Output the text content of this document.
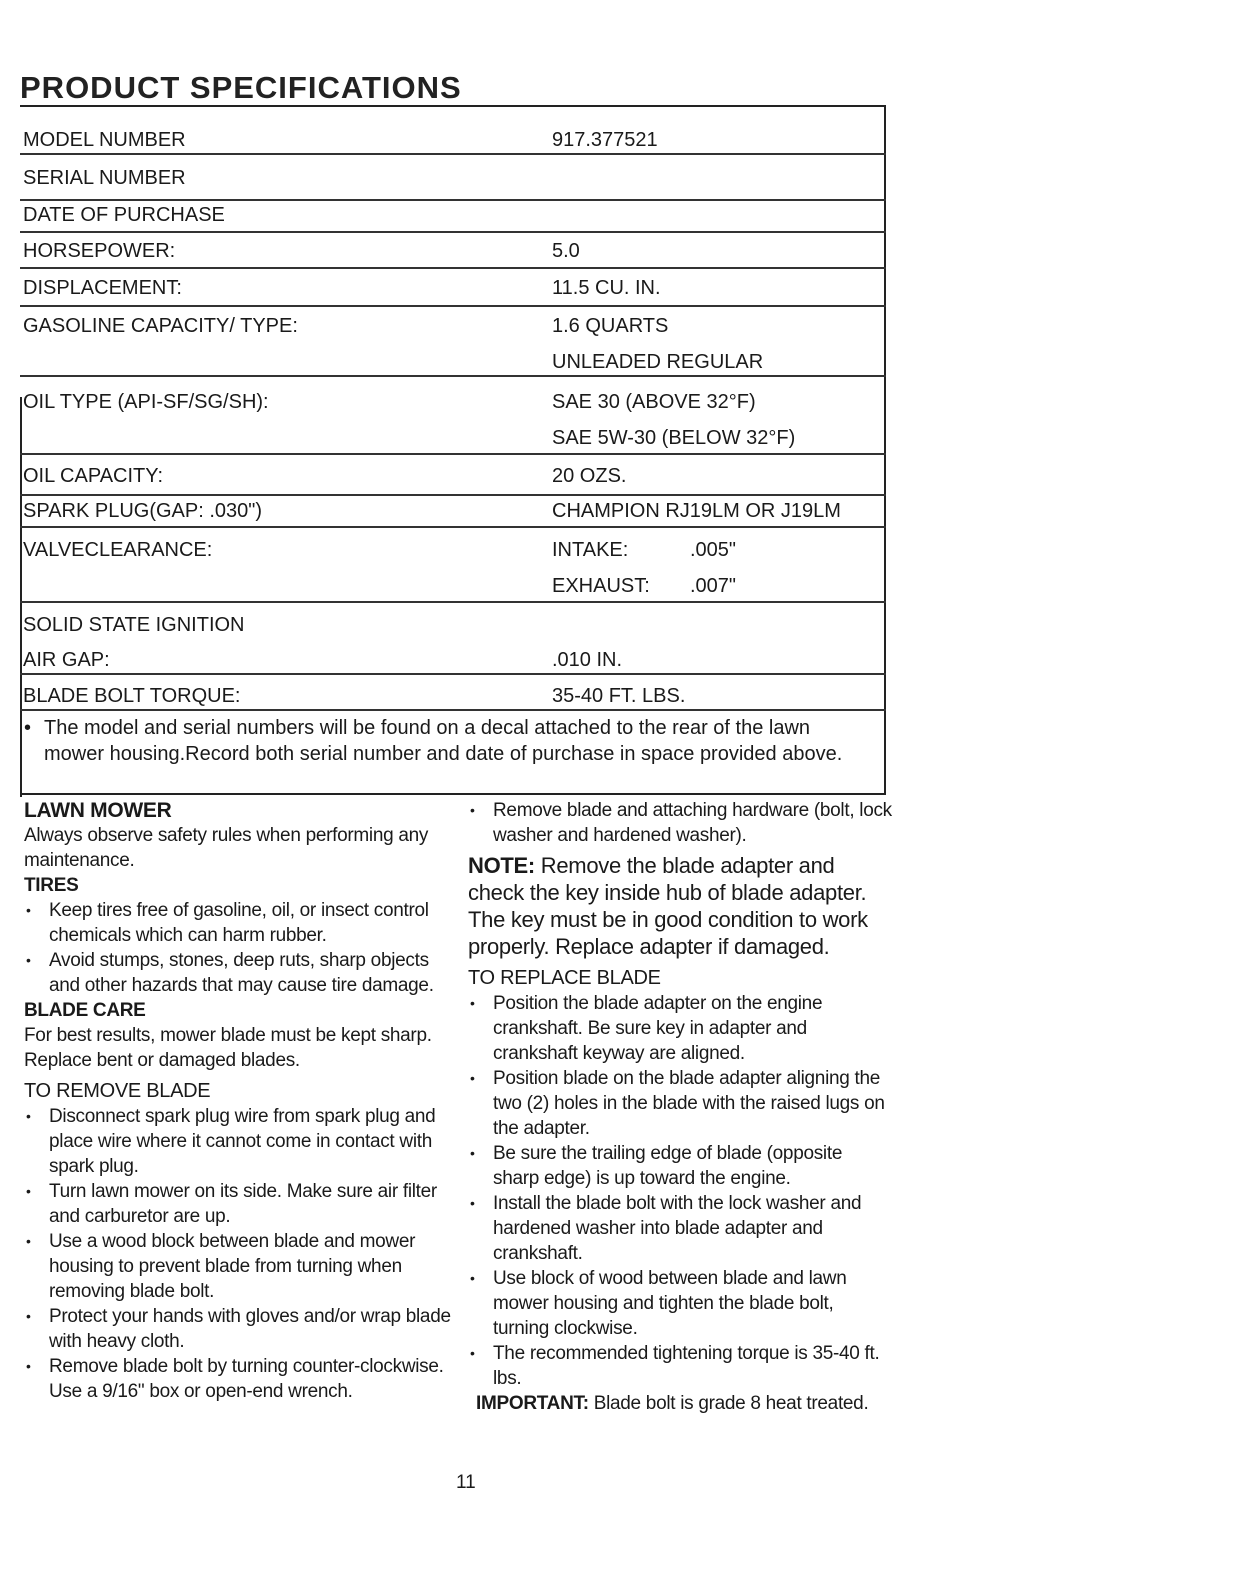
PRODUCT SPECIFICATIONS
MODEL NUMBER	917.377521
SERIAL NUMBER
DATE OF PURCHASE
HORSEPOWER:	5.0
DISPLACEMENT:	11.5 CU. IN.
GASOLINE CAPACITY/ TYPE:	1.6 QUARTS
UNLEADED REGULAR
OIL TYPE (API-SF/SG/SH):	SAE 30 (ABOVE 32°F)
SAE 5W-30 (BELOW 32°F)
OIL CAPACITY:	20 OZS.
SPARK PLUG(GAP: .030")	CHAMPION RJ19LM OR J19LM
VALVECLEARANCE:	INTAKE:	.005"
EXHAUST: .007"
SOLID STATE IGNITION
AIR GAP:	.010 IN.
BLADE BOLT TORQUE:	35-40 FT. LBS.
• The model and serial numbers will be found on a decal attached to the rear of the lawn mower housing.Record both serial number and date of purchase in space provided above.

LAWN MOWER

Always observe safety rules when performing any maintenance.

TIRES

• Keep tires free of gasoline, oil, or insect control chemicals which can harm rubber.
• Avoid stumps, stones, deep ruts, sharp objects and other hazards that may cause tire damage.

BLADE CARE

For best results, mower blade must be kept sharp. Replace bent or damaged blades.

TO REMOVE BLADE

• Disconnect spark plug wire from spark plug and place wire where it cannot come in contact with spark plug.
• Turn lawn mower on its side. Make sure air filter and carburetor are up.
• Use a wood block between blade and mower housing to prevent blade from turning when removing blade bolt.
• Protect your hands with gloves and/or wrap blade with heavy cloth.
• Remove blade bolt by turning counter-clockwise. Use a 9/16" box or open-end wrench.
• Remove blade and attaching hardware (bolt, lock washer and hardened washer).

NOTE: Remove the blade adapter and check the key inside hub of blade adapter. The key must be in good condition to work properly. Replace adapter if damaged.

TO REPLACE BLADE

• Position the blade adapter on the engine crankshaft. Be sure key in adapter and crankshaft keyway are aligned.
• Position blade on the blade adapter aligning the two (2) holes in the blade with the raised lugs on the adapter.
• Be sure the trailing edge of blade (opposite sharp edge) is up toward the engine.
• Install the blade bolt with the lock washer and hardened washer into blade adapter and crankshaft.
• Use block of wood between blade and lawn mower housing and tighten the blade bolt, turning clockwise.
• The recommended tightening torque is 35-40 ft. lbs.

IMPORTANT: Blade bolt is grade 8 heat treated.

11
